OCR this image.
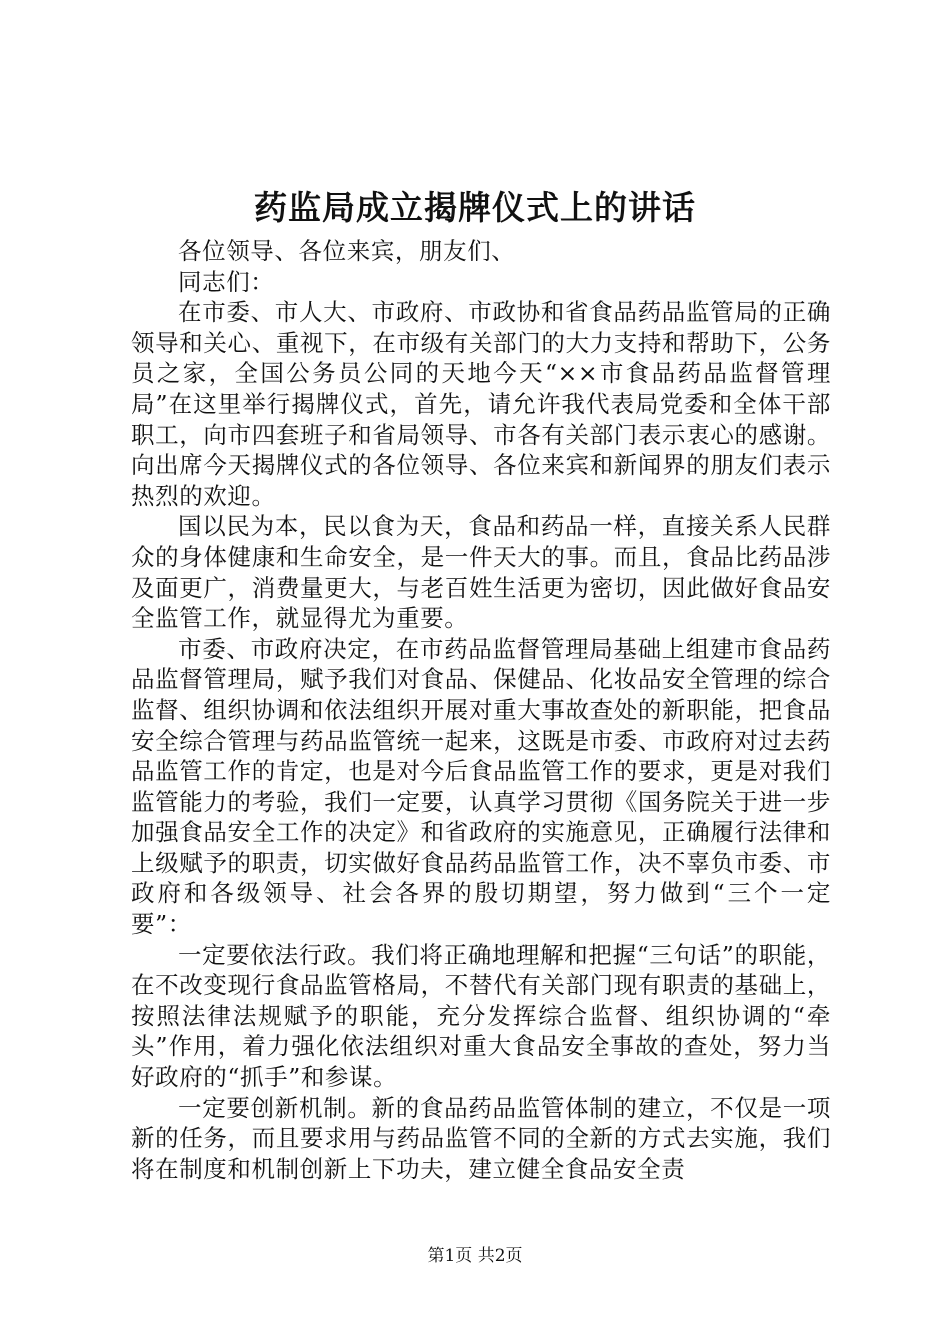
药监局成立揭牌仪式上的讲话

各位领导、各位来宾，朋友们、

同志们：

在市委、市人大、市政府、市政协和省食品药品监管局的正确领导和关心、重视下，在市级有关部门的大力支持和帮助下，公务员之家，全国公务员公同的天地今天“××市食品药品监督管理局”在这里举行揭牌仪式，首先，请允许我代表局党委和全体干部职工，向市四套班子和省局领导、市各有关部门表示衷心的感谢。向出席今天揭牌仪式的各位领导、各位来宾和新闻界的朋友们表示热烈的欢迎。

国以民为本，民以食为天，食品和药品一样，直接关系人民群众的身体健康和生命安全，是一件天大的事。而且，食品比药品涉及面更广，消费量更大，与老百姓生活更为密切，因此做好食品安全监管工作，就显得尤为重要。

市委、市政府决定，在市药品监督管理局基础上组建市食品药品监督管理局，赋予我们对食品、保健品、化妆品安全管理的综合监督、组织协调和依法组织开展对重大事故查处的新职能，把食品安全综合管理与药品监管统一起来，这既是市委、市政府对过去药品监管工作的肯定，也是对今后食品监管工作的要求，更是对我们监管能力的考验，我们一定要，认真学习贯彻《国务院关于进一步加强食品安全工作的决定》和省政府的实施意见，正确履行法律和上级赋予的职责，切实做好食品药品监管工作，决不辜负市委、市政府和各级领导、社会各界的殷切期望，努力做到“三个一定要”：

一定要依法行政。我们将正确地理解和把握“三句话”的职能，在不改变现行食品监管格局，不替代有关部门现有职责的基础上，按照法律法规赋予的职能，充分发挥综合监督、组织协调的“牵头”作用，着力强化依法组织对重大食品安全事故的查处，努力当好政府的“抓手”和参谋。

一定要创新机制。新的食品药品监管体制的建立，不仅是一项新的任务，而且要求用与药品监管不同的全新的方式去实施，我们将在制度和机制创新上下功夫，建立健全食品安全责

第1页 共2页
